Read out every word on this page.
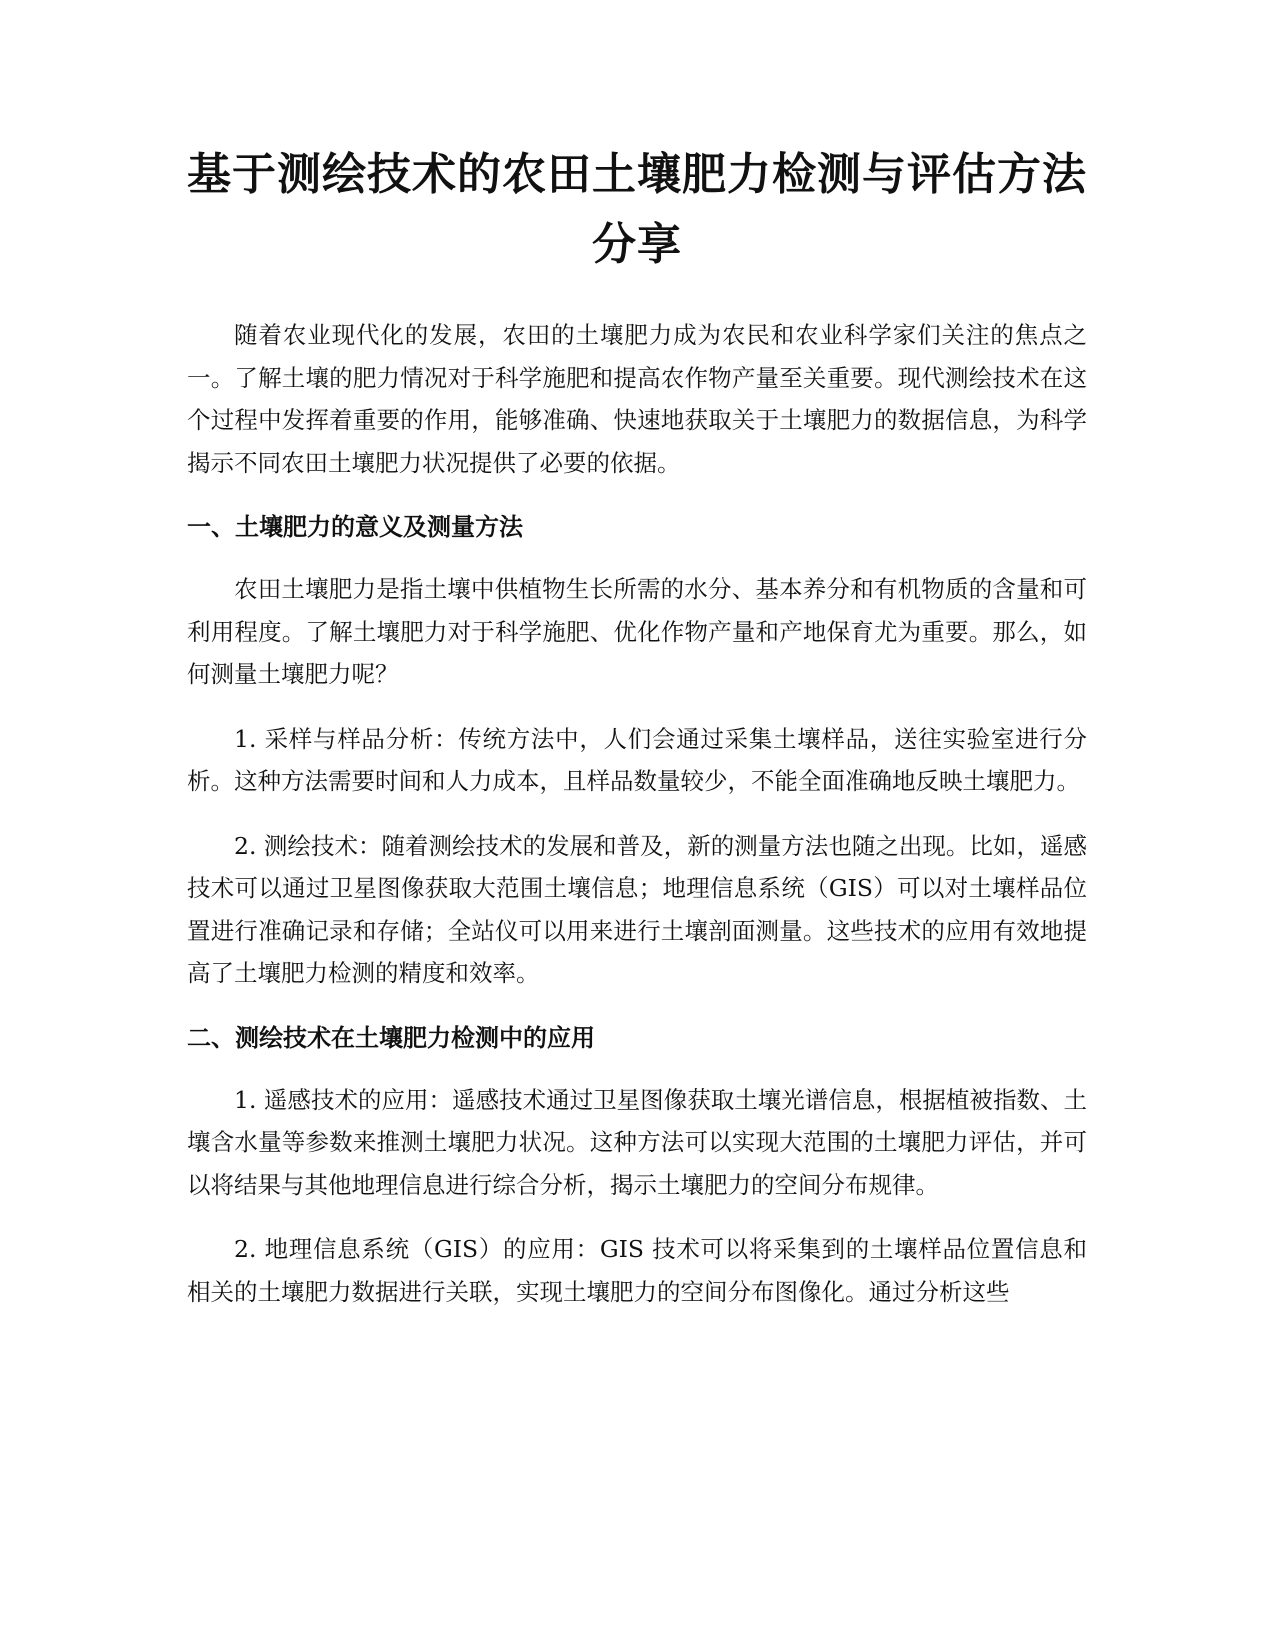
基于测绘技术的农田土壤肥力检测与评估方法分享

随着农业现代化的发展，农田的土壤肥力成为农民和农业科学家们关注的焦点之一。了解土壤的肥力情况对于科学施肥和提高农作物产量至关重要。现代测绘技术在这个过程中发挥着重要的作用，能够准确、快速地获取关于土壤肥力的数据信息，为科学揭示不同农田土壤肥力状况提供了必要的依据。

一、土壤肥力的意义及测量方法

农田土壤肥力是指土壤中供植物生长所需的水分、基本养分和有机物质的含量和可利用程度。了解土壤肥力对于科学施肥、优化作物产量和产地保育尤为重要。那么，如何测量土壤肥力呢？

1. 采样与样品分析：传统方法中，人们会通过采集土壤样品，送往实验室进行分析。这种方法需要时间和人力成本，且样品数量较少，不能全面准确地反映土壤肥力。

2. 测绘技术：随着测绘技术的发展和普及，新的测量方法也随之出现。比如，遥感技术可以通过卫星图像获取大范围土壤信息；地理信息系统（GIS）可以对土壤样品位置进行准确记录和存储；全站仪可以用来进行土壤剖面测量。这些技术的应用有效地提高了土壤肥力检测的精度和效率。

二、测绘技术在土壤肥力检测中的应用

1. 遥感技术的应用：遥感技术通过卫星图像获取土壤光谱信息，根据植被指数、土壤含水量等参数来推测土壤肥力状况。这种方法可以实现大范围的土壤肥力评估，并可以将结果与其他地理信息进行综合分析，揭示土壤肥力的空间分布规律。

2. 地理信息系统（GIS）的应用：GIS 技术可以将采集到的土壤样品位置信息和相关的土壤肥力数据进行关联，实现土壤肥力的空间分布图像化。通过分析这些
